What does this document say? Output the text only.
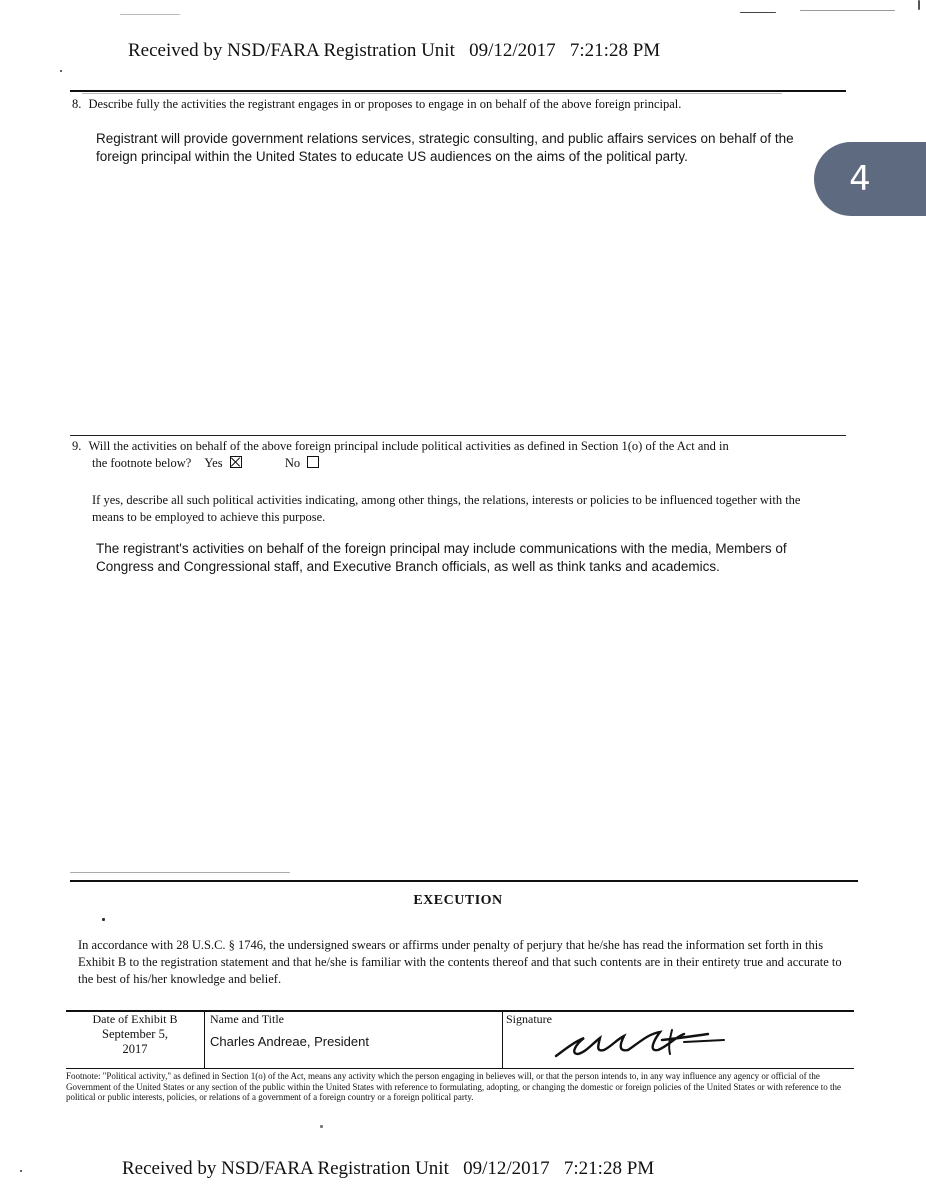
Received by NSD/FARA Registration Unit   09/12/2017   7:21:28 PM
4
8. Describe fully the activities the registrant engages in or proposes to engage in on behalf of the above foreign principal.
Registrant will provide government relations services, strategic consulting, and public affairs services on behalf of the foreign principal within the United States to educate US audiences on the aims of the political party.
9. Will the activities on behalf of the above foreign principal include political activities as defined in Section 1(o) of the Act and in
the footnote below? Yes	No
If yes, describe all such political activities indicating, among other things, the relations, interests or policies to be influenced together with the means to be employed to achieve this purpose.
The registrant's activities on behalf of the foreign principal may include communications with the media, Members of Congress and Congressional staff, and Executive Branch officials, as well as think tanks and academics.
EXECUTION
In accordance with 28 U.S.C. § 1746, the undersigned swears or affirms under penalty of perjury that he/she has read the information set forth in this Exhibit B to the registration statement and that he/she is familiar with the contents thereof and that such contents are in their entirety true and accurate to the best of his/her knowledge and belief.
Date of Exhibit B
September 5,
2017
Name and Title
Charles Andreae, President
Signature
Footnote: "Political activity," as defined in Section 1(o) of the Act, means any activity which the person engaging in believes will, or that the person intends to, in any way influence any agency or official of the Government of the United States or any section of the public within the United States with reference to formulating, adopting, or changing the domestic or foreign policies of the United States or with reference to the political or public interests, policies, or relations of a government of a foreign country or a foreign political party.
Received by NSD/FARA Registration Unit   09/12/2017   7:21:28 PM
